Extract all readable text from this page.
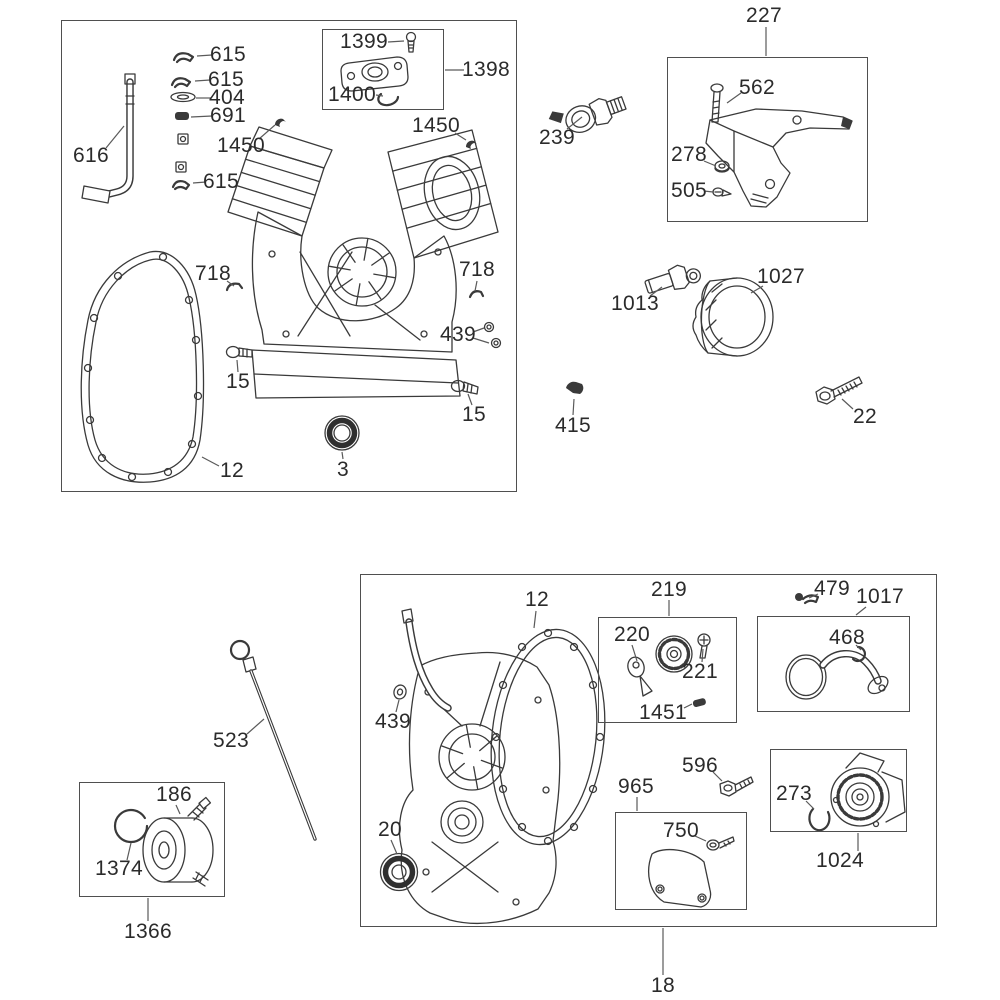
615
615
404
691
1450
616
615
718	718
439
15
15
3
12
1399
1398
1400
1450
227
562
278
505
239
1013
1027
22
415
12	219
220
221
1451
479 1017
468
596
965
750
273
1024
20
439
523
18
186
1374
1366
